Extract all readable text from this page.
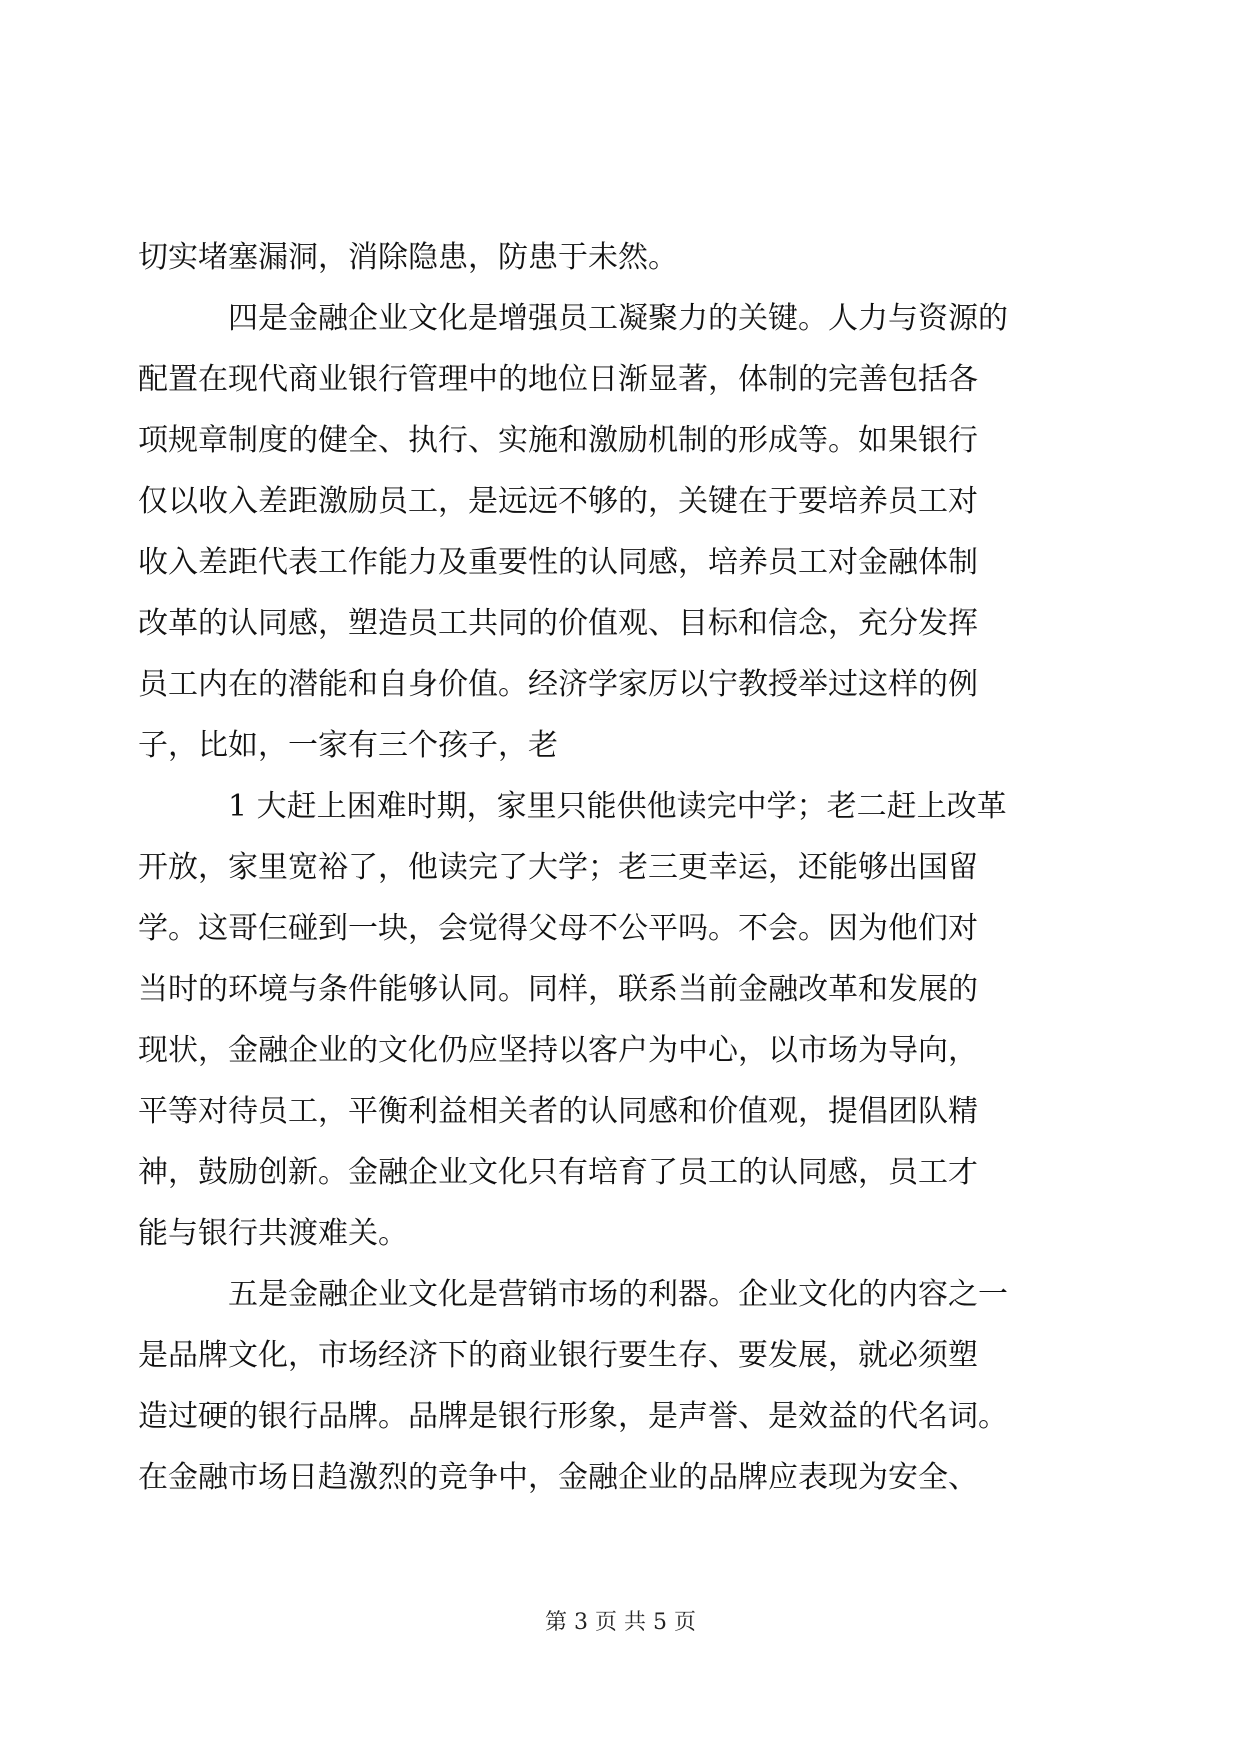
切实堵塞漏洞，消除隐患，防患于未然。
四是金融企业文化是增强员工凝聚力的关键。人力与资源的
配置在现代商业银行管理中的地位日渐显著，体制的完善包括各
项规章制度的健全、执行、实施和激励机制的形成等。如果银行
仅以收入差距激励员工，是远远不够的，关键在于要培养员工对
收入差距代表工作能力及重要性的认同感，培养员工对金融体制
改革的认同感，塑造员工共同的价值观、目标和信念，充分发挥
员工内在的潜能和自身价值。经济学家厉以宁教授举过这样的例
子，比如，一家有三个孩子，老
1 大赶上困难时期，家里只能供他读完中学；老二赶上改革
开放，家里宽裕了，他读完了大学；老三更幸运，还能够出国留
学。这哥仨碰到一块，会觉得父母不公平吗。不会。因为他们对
当时的环境与条件能够认同。同样，联系当前金融改革和发展的
现状，金融企业的文化仍应坚持以客户为中心，以市场为导向，
平等对待员工，平衡利益相关者的认同感和价值观，提倡团队精
神，鼓励创新。金融企业文化只有培育了员工的认同感，员工才
能与银行共渡难关。
五是金融企业文化是营销市场的利器。企业文化的内容之一
是品牌文化，市场经济下的商业银行要生存、要发展，就必须塑
造过硬的银行品牌。品牌是银行形象，是声誉、是效益的代名词。
在金融市场日趋激烈的竞争中，金融企业的品牌应表现为安全、
第 3 页 共 5 页
